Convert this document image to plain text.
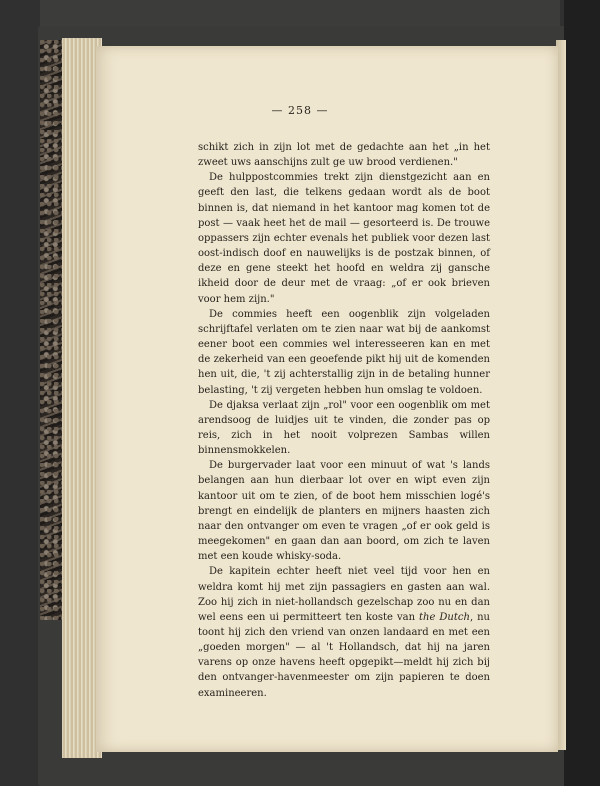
— 258 —

schikt zich in zijn lot met de gedachte aan het „in het zweet uws aanschijns zult ge uw brood verdienen."

De hulppostcommies trekt zijn dienstgezicht aan en geeft den last, die telkens gedaan wordt als de boot binnen is, dat niemand in het kantoor mag komen tot de post — vaak heet het de mail — gesorteerd is. De trouwe oppassers zijn echter evenals het publiek voor dezen last oost-indisch doof en nauwelijks is de postzak binnen, of deze en gene steekt het hoofd en weldra zij gansche ikheid door de deur met de vraag: „of er ook brieven voor hem zijn."

De commies heeft een oogenblik zijn volgeladen schrijftafel verlaten om te zien naar wat bij de aankomst eener boot een commies wel interesseeren kan en met de zekerheid van een geoefende pikt hij uit de komenden hen uit, die, 't zij achterstallig zijn in de betaling hunner belasting, 't zij vergeten hebben hun omslag te voldoen.

De djaksa verlaat zijn „rol" voor een oogenblik om met arendsoog de luidjes uit te vinden, die zonder pas op reis, zich in het nooit volprezen Sambas willen binnensmokkelen.

De burgervader laat voor een minuut of wat 's lands belangen aan hun dierbaar lot over en wipt even zijn kantoor uit om te zien, of de boot hem misschien logé's brengt en eindelijk de planters en mijners haasten zich naar den ontvanger om even te vragen „of er ook geld is meegekomen" en gaan dan aan boord, om zich te laven met een koude whisky-soda.

De kapitein echter heeft niet veel tijd voor hen en weldra komt hij met zijn passagiers en gasten aan wal. Zoo hij zich in niet-hollandsch gezelschap zoo nu en dan wel eens een ui permitteert ten koste van the Dutch, nu toont hij zich den vriend van onzen landaard en met een „goeden morgen" — al 't Hollandsch, dat hij na jaren varens op onze havens heeft opgepikt—meldt hij zich bij den ontvanger-havenmeester om zijn papieren te doen examineeren.
